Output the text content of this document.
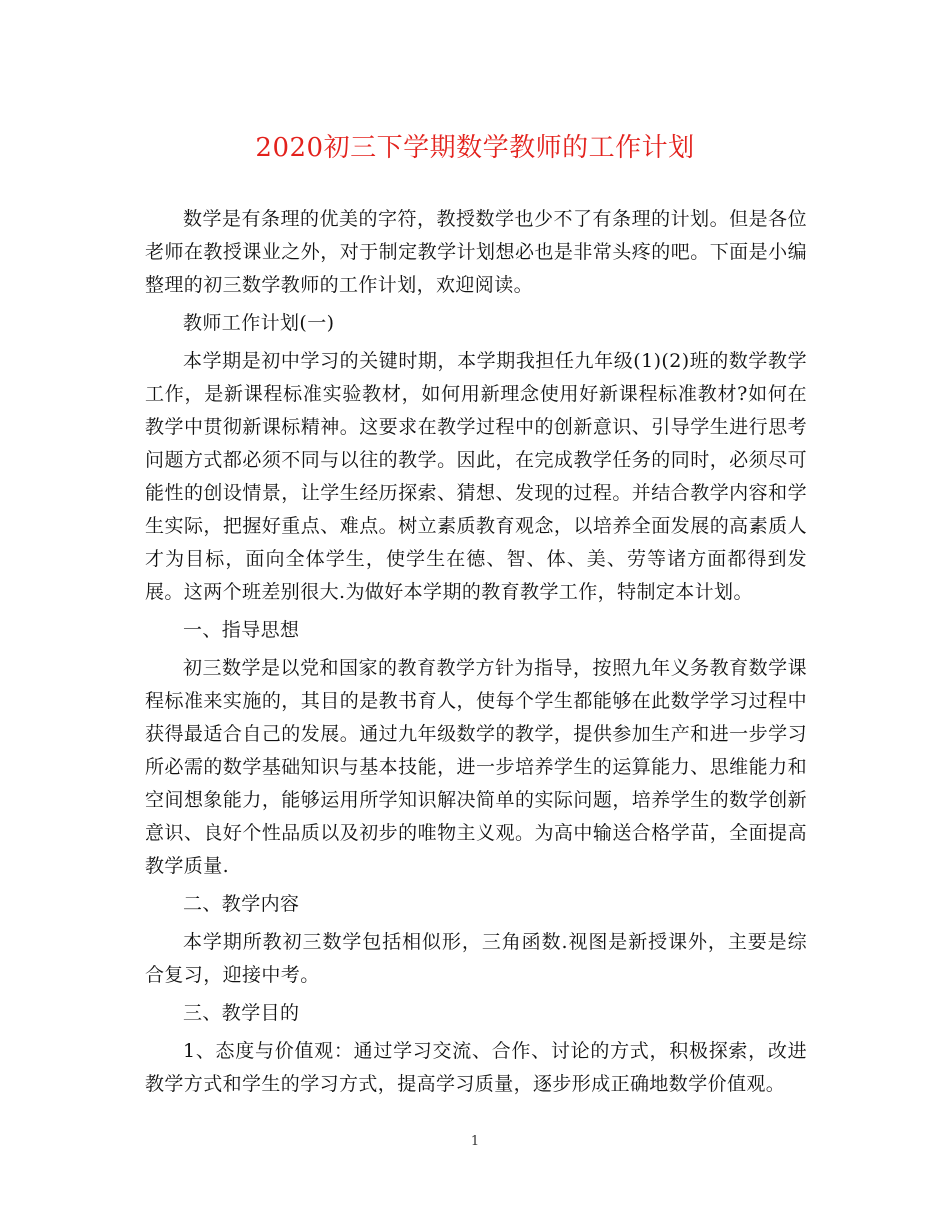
2020初三下学期数学教师的工作计划

数学是有条理的优美的字符，教授数学也少不了有条理的计划。但是各位老师在教授课业之外，对于制定教学计划想必也是非常头疼的吧。下面是小编整理的初三数学教师的工作计划，欢迎阅读。

教师工作计划(一)

本学期是初中学习的关键时期，本学期我担任九年级(1)(2)班的数学教学工作，是新课程标准实验教材，如何用新理念使用好新课程标准教材?如何在教学中贯彻新课标精神。这要求在教学过程中的创新意识、引导学生进行思考问题方式都必须不同与以往的教学。因此，在完成教学任务的同时，必须尽可能性的创设情景，让学生经历探索、猜想、发现的过程。并结合教学内容和学生实际，把握好重点、难点。树立素质教育观念，以培养全面发展的高素质人才为目标，面向全体学生，使学生在德、智、体、美、劳等诸方面都得到发展。这两个班差别很大.为做好本学期的教育教学工作，特制定本计划。

一、指导思想

初三数学是以党和国家的教育教学方针为指导，按照九年义务教育数学课程标准来实施的，其目的是教书育人，使每个学生都能够在此数学学习过程中获得最适合自己的发展。通过九年级数学的教学，提供参加生产和进一步学习所必需的数学基础知识与基本技能，进一步培养学生的运算能力、思维能力和空间想象能力，能够运用所学知识解决简单的实际问题，培养学生的数学创新意识、良好个性品质以及初步的唯物主义观。为高中输送合格学苗，全面提高教学质量.

二、教学内容

本学期所教初三数学包括相似形，三角函数.视图是新授课外，主要是综合复习，迎接中考。

三、教学目的

1、态度与价值观：通过学习交流、合作、讨论的方式，积极探索，改进教学方式和学生的学习方式，提高学习质量，逐步形成正确地数学价值观。

1
